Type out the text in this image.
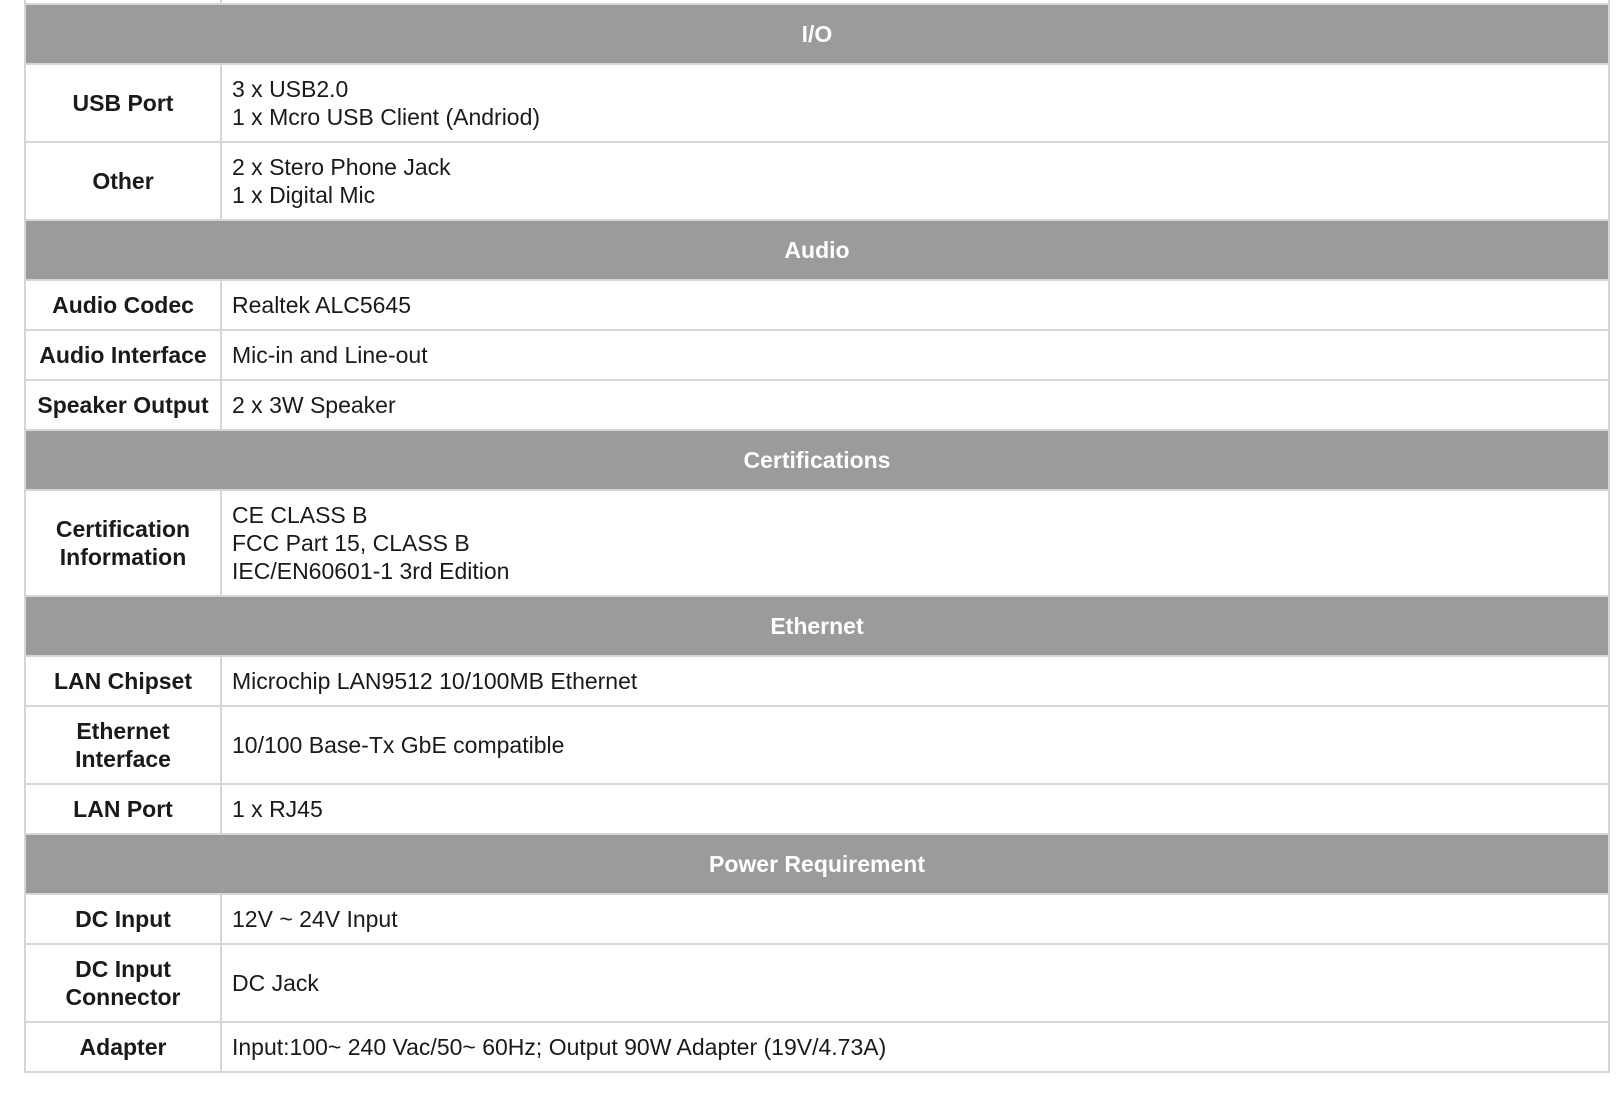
I/O	
USB Port	3 x USB2.0
1 x Mcro USB Client (Andriod)

Other	2 x Stero Phone Jack
1 x Digital Mic

Audio	
Audio Codec	Realtek ALC5645

Audio Interface	Mic-in and Line-out

Speaker Output	2 x 3W Speaker

Certifications	
Certification Information	CE CLASS B
FCC Part 15, CLASS B
IEC/EN60601-1 3rd Edition

Ethernet	
LAN Chipset	Microchip LAN9512 10/100MB Ethernet

Ethernet Interface	10/100 Base-Tx GbE compatible

LAN Port	1 x RJ45

Power Requirement	
DC Input	12V ~ 24V Input

DC Input Connector	DC Jack

Adapter	Input:100~ 240 Vac/50~ 60Hz; Output 90W Adapter (19V/4.73A)
